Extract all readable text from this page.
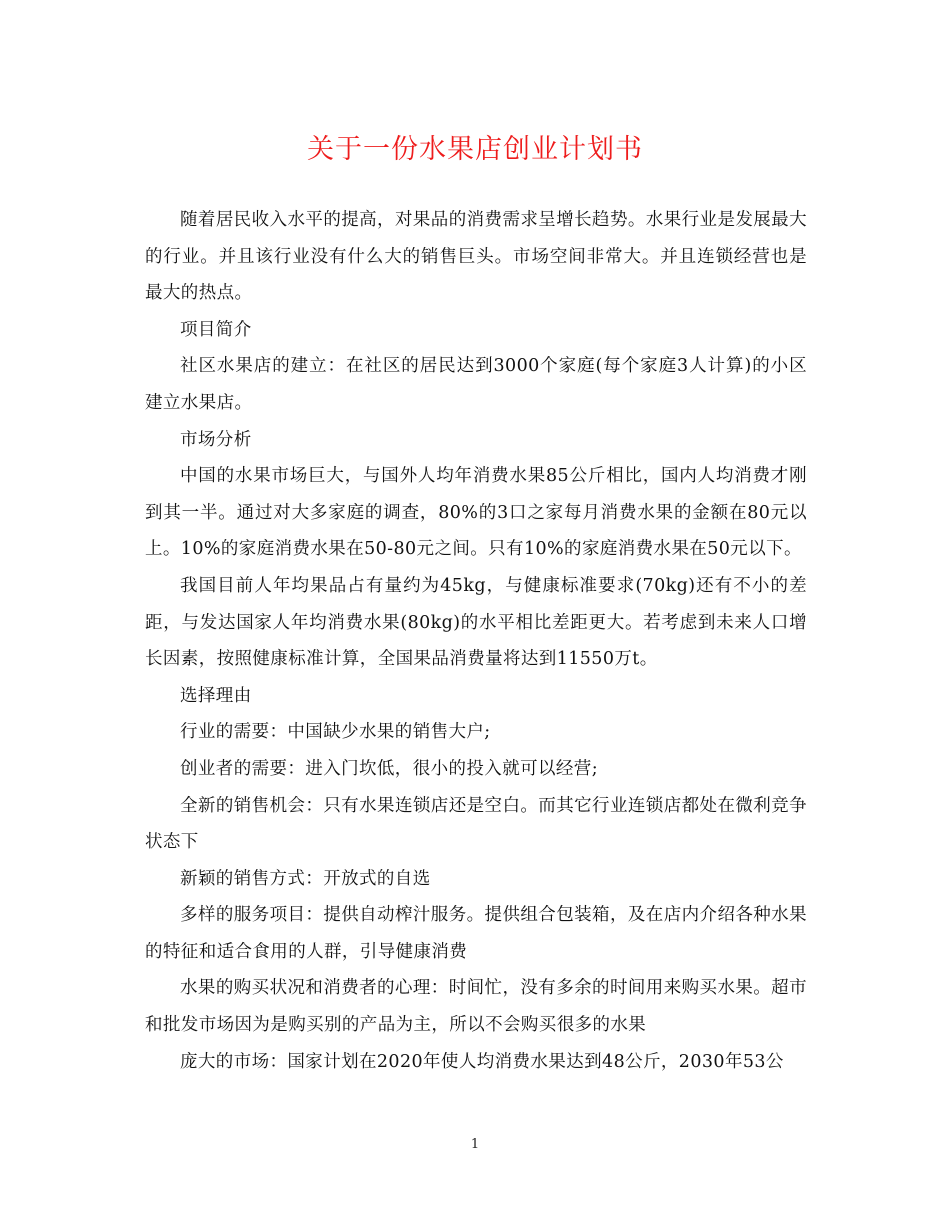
关于一份水果店创业计划书

随着居民收入水平的提高，对果品的消费需求呈增长趋势。水果行业是发展最大的行业。并且该行业没有什么大的销售巨头。市场空间非常大。并且连锁经营也是最大的热点。

项目简介

社区水果店的建立：在社区的居民达到3000个家庭(每个家庭3人计算)的小区建立水果店。

市场分析

中国的水果市场巨大，与国外人均年消费水果85公斤相比，国内人均消费才刚到其一半。通过对大多家庭的调查，80%的3口之家每月消费水果的金额在80元以上。10%的家庭消费水果在50-80元之间。只有10%的家庭消费水果在50元以下。

我国目前人年均果品占有量约为45kg，与健康标准要求(70kg)还有不小的差距，与发达国家人年均消费水果(80kg)的水平相比差距更大。若考虑到未来人口增长因素，按照健康标准计算，全国果品消费量将达到11550万t。

选择理由

行业的需要：中国缺少水果的销售大户;

创业者的需要：进入门坎低，很小的投入就可以经营;

全新的销售机会：只有水果连锁店还是空白。而其它行业连锁店都处在微利竞争状态下

新颖的销售方式：开放式的自选

多样的服务项目：提供自动榨汁服务。提供组合包装箱，及在店内介绍各种水果的特征和适合食用的人群，引导健康消费

水果的购买状况和消费者的心理：时间忙，没有多余的时间用来购买水果。超市和批发市场因为是购买别的产品为主，所以不会购买很多的水果

庞大的市场：国家计划在2020年使人均消费水果达到48公斤，2030年53公

1
